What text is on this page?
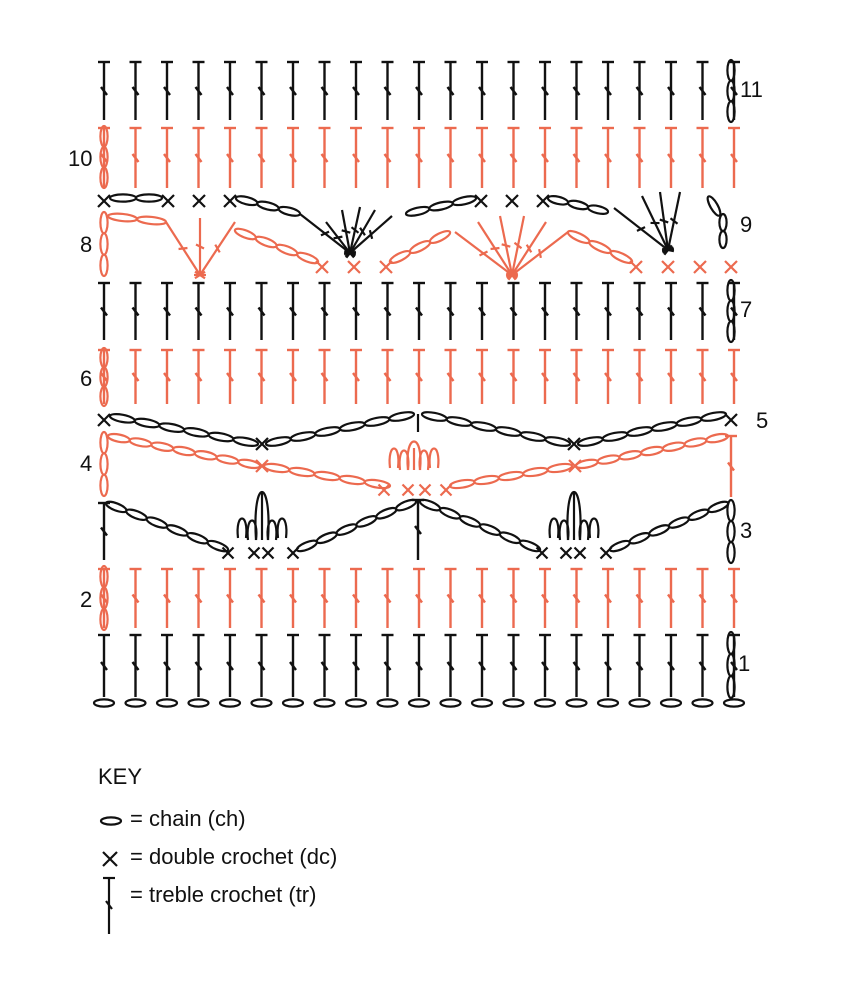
1
2
3
4
5
6
7
8
9
10
11
KEY
= chain (ch)
= double crochet (dc)
= treble crochet (tr)
